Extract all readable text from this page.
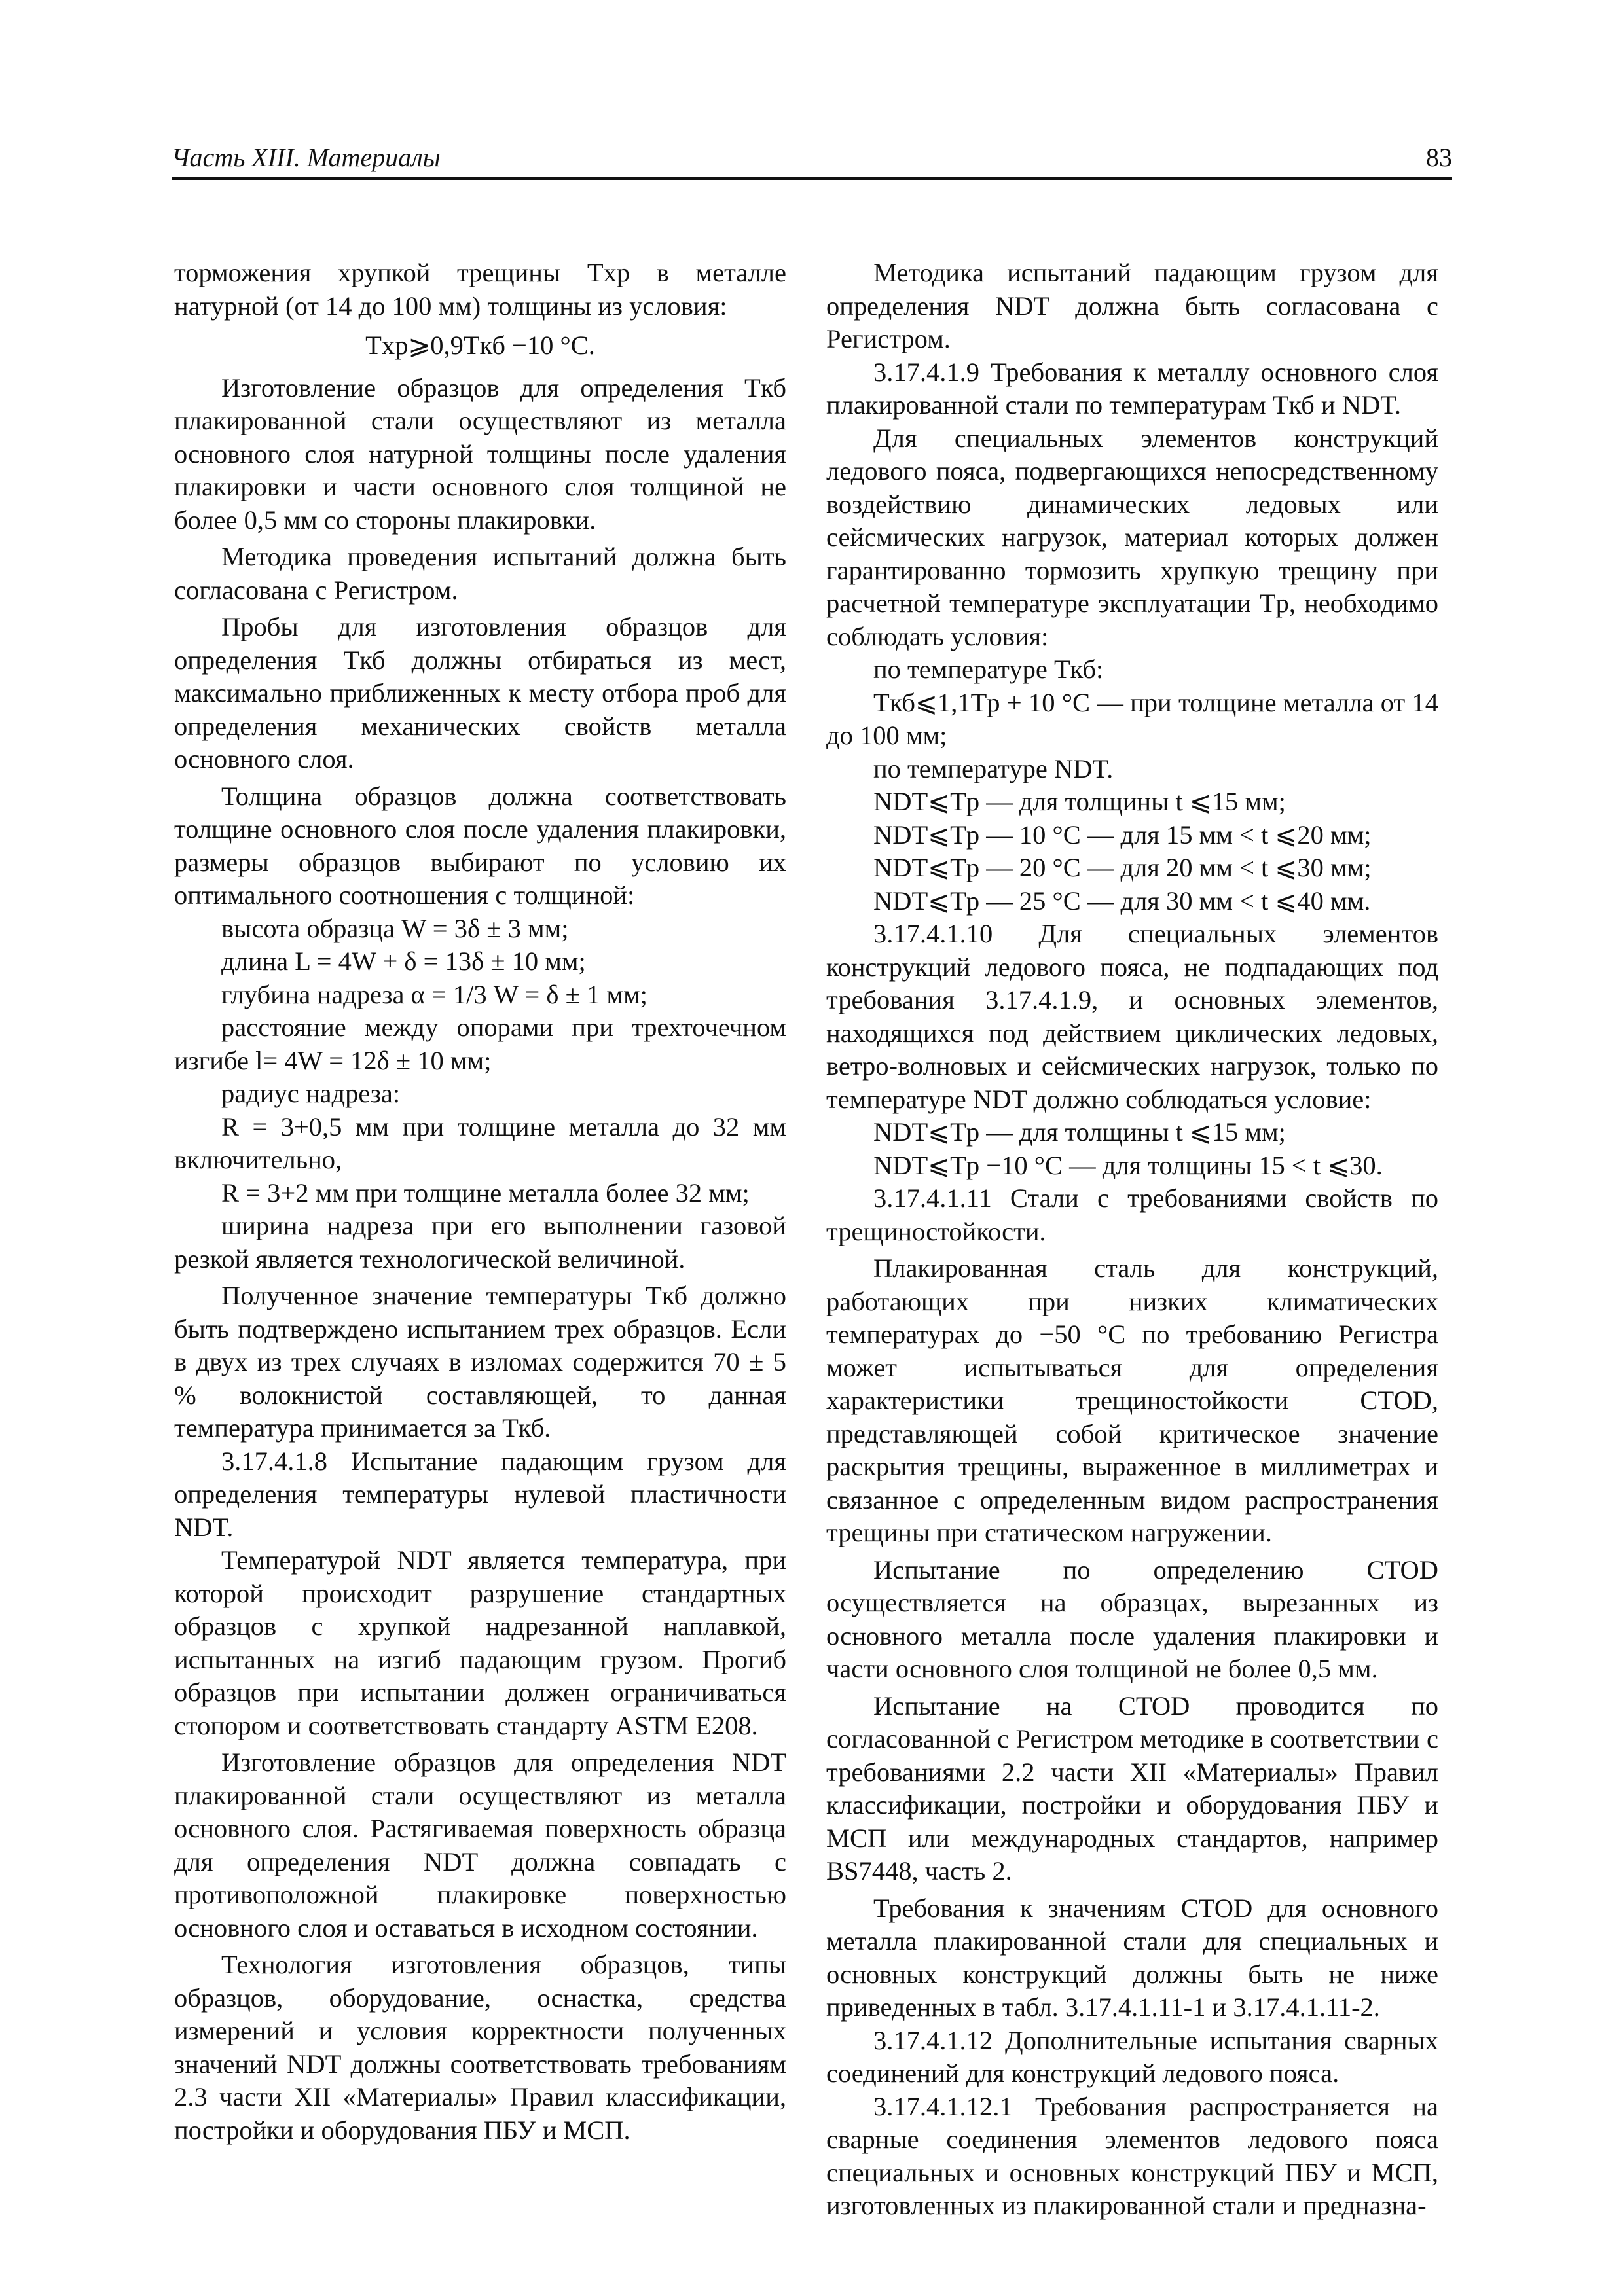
Часть XIII. Материалы	83

торможения хрупкой трещины Tхр в металле натурной (от 14 до 100 мм) толщины из условия:

Tхр⩾0,9Tкб −10 °С.

Изготовление образцов для определения Tкб плакированной стали осуществляют из металла основного слоя натурной толщины после удаления плакировки и части основного слоя толщиной не более 0,5 мм со стороны плакировки.

Методика проведения испытаний должна быть согласована с Регистром.

Пробы для изготовления образцов для определения Tкб должны отбираться из мест, максимально приближенных к месту отбора проб для определения механических свойств металла основного слоя.

Толщина образцов должна соответствовать толщине основного слоя после удаления плакировки, размеры образцов выбирают по условию их оптимального соотношения с толщиной:

высота образца W = 3δ ± 3 мм;

длина L = 4W + δ = 13δ ± 10 мм;

глубина надреза α = 1/3 W = δ ± 1 мм;

расстояние между опорами при трехточечном изгибе l= 4W = 12δ ± 10 мм;

радиус надреза:

R = 3+0,5 мм при толщине металла до 32 мм включительно,

R = 3+2 мм при толщине металла более 32 мм;

ширина надреза при его выполнении газовой резкой является технологической величиной.

Полученное значение температуры Tкб должно быть подтверждено испытанием трех образцов. Если в двух из трех случаях в изломах содержится 70 ± 5 % волокнистой составляющей, то данная температура принимается за Tкб.

3.17.4.1.8 Испытание падающим грузом для определения температуры нулевой пластичности NDT.

Температурой NDT является температура, при которой происходит разрушение стандартных образцов с хрупкой надрезанной наплавкой, испытанных на изгиб падающим грузом. Прогиб образцов при испытании должен ограничиваться стопором и соответствовать стандарту ASTM E208.

Изготовление образцов для определения NDT плакированной стали осуществляют из металла основного слоя. Растягиваемая поверхность образца для определения NDT должна совпадать с противоположной плакировке поверхностью основного слоя и оставаться в исходном состоянии.

Технология изготовления образцов, типы образцов, оборудование, оснастка, средства измерений и условия корректности полученных значений NDT должны соответствовать требованиям 2.3 части XII «Материалы» Правил классификации, постройки и оборудования ПБУ и МСП.

Методика испытаний падающим грузом для определения NDT должна быть согласована с Регистром.

3.17.4.1.9 Требования к металлу основного слоя плакированной стали по температурам Tкб и NDT.

Для специальных элементов конструкций ледового пояса, подвергающихся непосредственному воздействию динамических ледовых или сейсмических нагрузок, материал которых должен гарантированно тормозить хрупкую трещину при расчетной температуре эксплуатации Tр, необходимо соблюдать условия:

по температуре Tкб:

Tкб⩽1,1Tр + 10 °С — при толщине металла от 14 до 100 мм;

по температуре NDT.

NDT⩽Tр — для толщины t ⩽15 мм;

NDT⩽Tр — 10 °С — для 15 мм < t ⩽20 мм;

NDT⩽Tр — 20 °С — для 20 мм < t ⩽30 мм;

NDT⩽Tр — 25 °С — для 30 мм < t ⩽40 мм.

3.17.4.1.10 Для специальных элементов конструкций ледового пояса, не подпадающих под требования 3.17.4.1.9, и основных элементов, находящихся под действием циклических ледовых, ветро-волновых и сейсмических нагрузок, только по температуре NDT должно соблюдаться условие:

NDT⩽Tр — для толщины t ⩽15 мм;

NDT⩽Tр −10 °С — для толщины 15 < t ⩽30.

3.17.4.1.11 Стали с требованиями свойств по трещиностойкости.

Плакированная сталь для конструкций, работающих при низких климатических температурах до −50 °С по требованию Регистра может испытываться для определения характеристики трещиностойкости CTOD, представляющей собой критическое значение раскрытия трещины, выраженное в миллиметрах и связанное с определенным видом распространения трещины при статическом нагружении.

Испытание по определению CTOD осуществляется на образцах, вырезанных из основного металла после удаления плакировки и части основного слоя толщиной не более 0,5 мм.

Испытание на CTOD проводится по согласованной с Регистром методике в соответствии с требованиями 2.2 части XII «Материалы» Правил классификации, постройки и оборудования ПБУ и МСП или международных стандартов, например BS7448, часть 2.

Требования к значениям CTOD для основного металла плакированной стали для специальных и основных конструкций должны быть не ниже приведенных в табл. 3.17.4.1.11-1 и 3.17.4.1.11-2.

3.17.4.1.12 Дополнительные испытания сварных соединений для конструкций ледового пояса.

3.17.4.1.12.1 Требования распространяется на сварные соединения элементов ледового пояса специальных и основных конструкций ПБУ и МСП, изготовленных из плакированной стали и предназна-
